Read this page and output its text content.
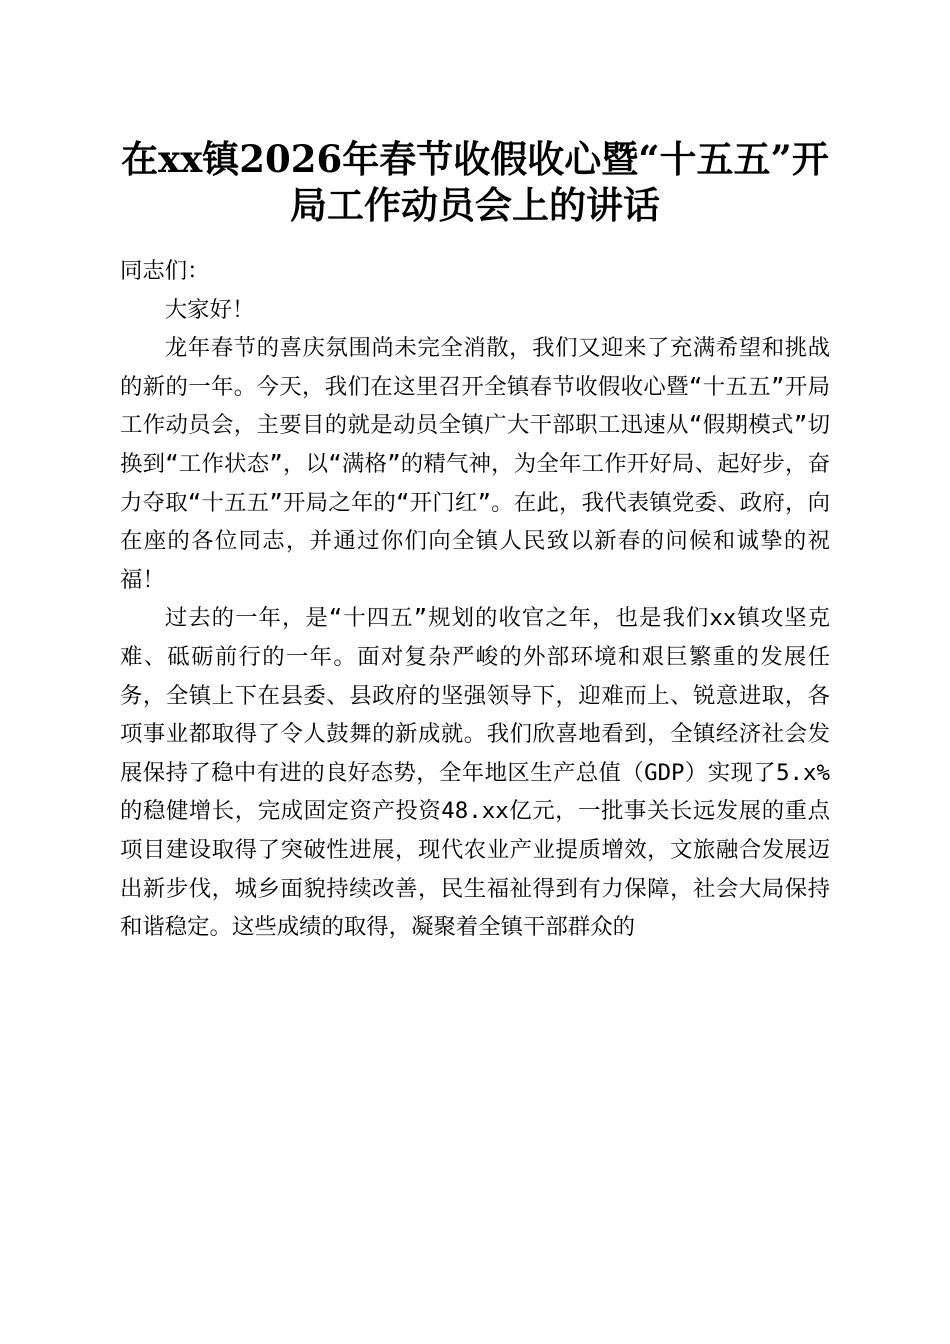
在xx镇2026年春节收假收心暨“十五五”开
局工作动员会上的讲话

同志们：

大家好！

龙年春节的喜庆氛围尚未完全消散，我们又迎来了充满希望和挑战的新的一年。今天，我们在这里召开全镇春节收假收心暨“十五五”开局工作动员会，主要目的就是动员全镇广大干部职工迅速从“假期模式”切换到“工作状态”，以“满格”的精气神，为全年工作开好局、起好步，奋力夺取“十五五”开局之年的“开门红”。在此，我代表镇党委、政府，向在座的各位同志，并通过你们向全镇人民致以新春的问候和诚挚的祝福！

过去的一年，是“十四五”规划的收官之年，也是我们xx镇攻坚克难、砥砺前行的一年。面对复杂严峻的外部环境和艰巨繁重的发展任务，全镇上下在县委、县政府的坚强领导下，迎难而上、锐意进取，各项事业都取得了令人鼓舞的新成就。我们欣喜地看到，全镇经济社会发展保持了稳中有进的良好态势，全年地区生产总值（GDP）实现了5.x%的稳健增长，完成固定资产投资48.xx亿元，一批事关长远发展的重点项目建设取得了突破性进展，现代农业产业提质增效，文旅融合发展迈出新步伐，城乡面貌持续改善，民生福祉得到有力保障，社会大局保持和谐稳定。这些成绩的取得，凝聚着全镇干部群众的
